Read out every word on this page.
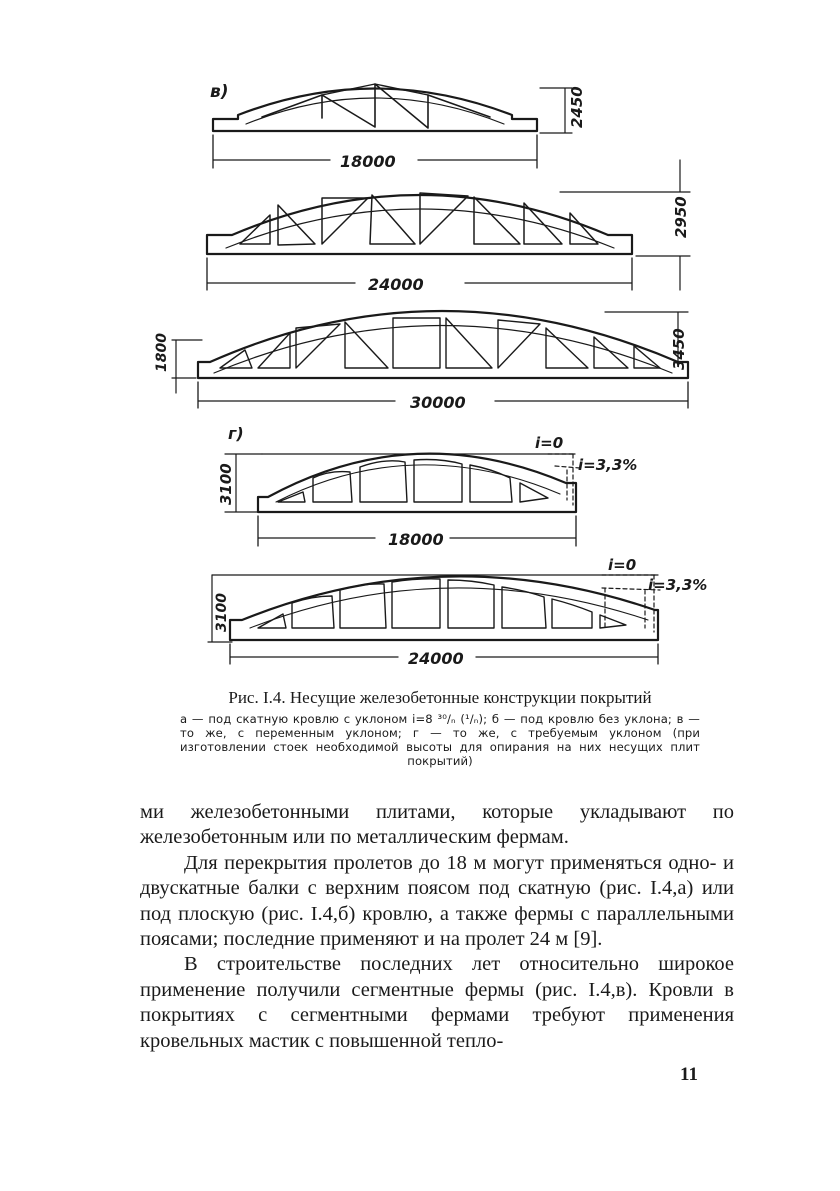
в)	2450
18000
2950
24000
3450
1800
30000
г)	i=0
i=3,3%
3100
18000
i=0
i=3,3%
3100
24000
Рис. І.4. Несущие железобетонные конструкции покрытий
а — под скатную кровлю с уклоном i=8 ³⁰/ₙ (¹/ₙ); б — под кровлю без уклона; в — то же, с переменным уклоном; г — то же, с требуемым уклоном (при изготовлении стоек необходимой высоты для опирания на них несущих плит покрытий)

ми железобетонными плитами, которые укладывают по железобетонным или по металлическим фермам.

Для перекрытия пролетов до 18 м могут применяться одно- и двускатные балки с верхним поясом под скатную (рис. І.4,а) или под плоскую (рис. І.4,б) кровлю, а также фермы с параллельными поясами; последние применяют и на пролет 24 м [9].

В строительстве последних лет относительно широкое применение получили сегментные фермы (рис. І.4,в). Кровли в покрытиях с сегментными фермами требуют применения кровельных мастик с повышенной тепло-

11
